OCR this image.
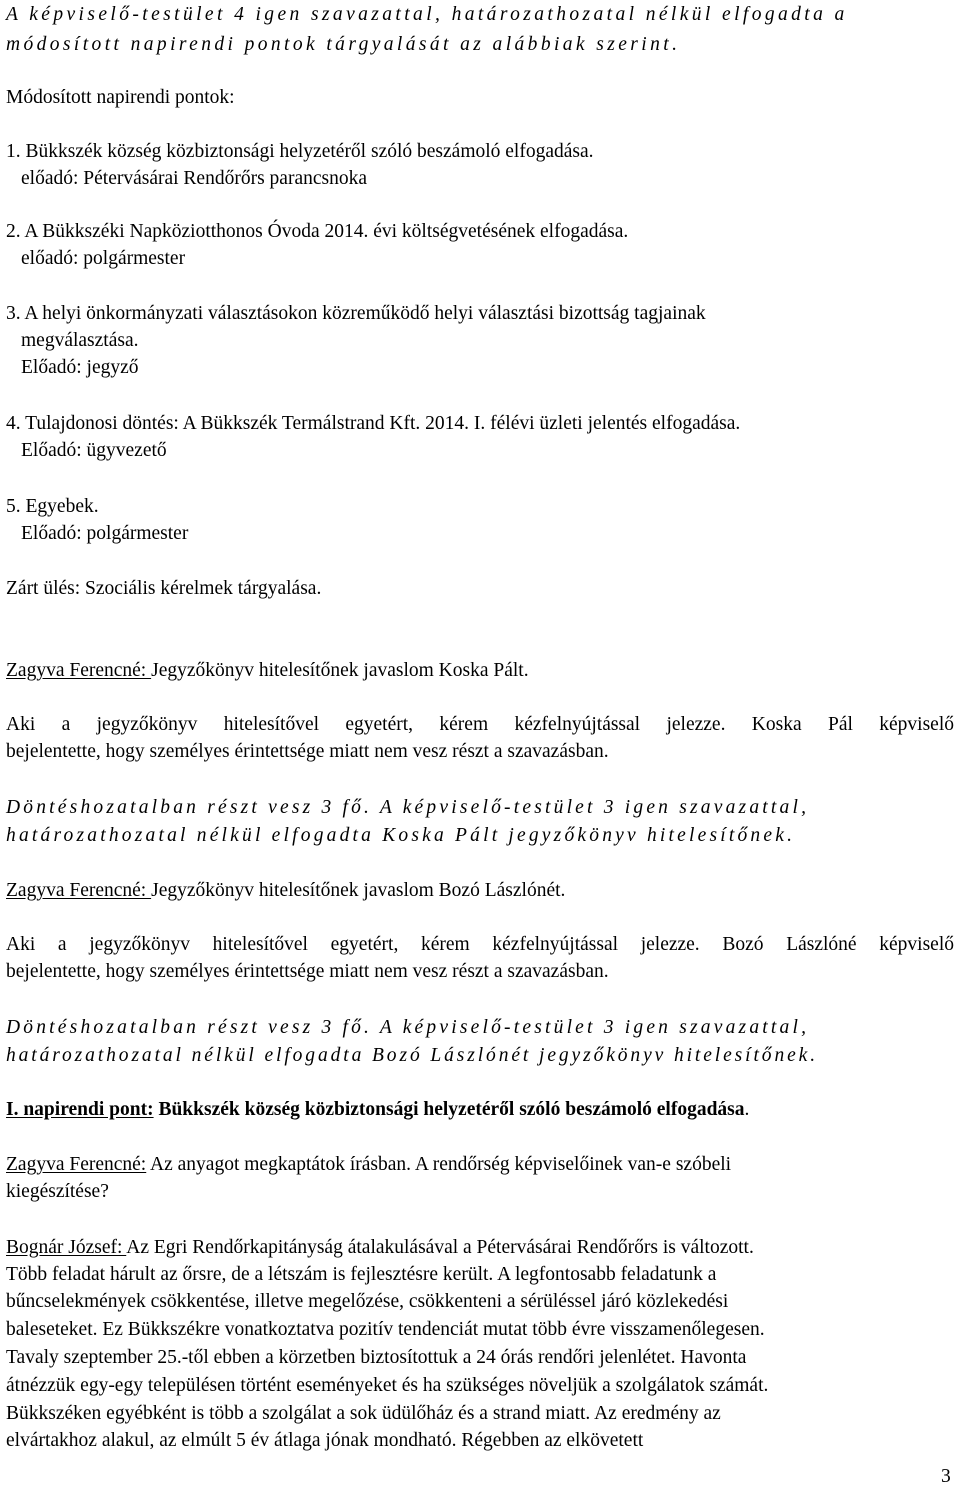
A képviselő-testület 4 igen szavazattal, határozathozatal nélkül elfogadta a
módosított napirendi pontok tárgyalását az alábbiak szerint.
Módosított napirendi pontok:
1. Bükkszék község közbiztonsági helyzetéről szóló beszámoló elfogadása.
előadó: Pétervásárai Rendőrőrs parancsnoka
2. A Bükkszéki Napköziotthonos Óvoda 2014. évi költségvetésének elfogadása.
előadó: polgármester
3. A helyi önkormányzati választásokon közreműködő helyi választási bizottság tagjainak
megválasztása.
Előadó: jegyző
4. Tulajdonosi döntés: A Bükkszék Termálstrand Kft. 2014. I. félévi üzleti jelentés elfogadása.
Előadó: ügyvezető
5. Egyebek.
Előadó: polgármester
Zárt ülés: Szociális kérelmek tárgyalása.
Zagyva Ferencné: Jegyzőkönyv hitelesítőnek javaslom Koska Pált.
Aki a jegyzőkönyv hitelesítővel egyetért, kérem kézfelnyújtással jelezze. Koska Pál képviselő
bejelentette, hogy személyes érintettsége miatt nem vesz részt a szavazásban.
Döntéshozatalban részt vesz 3 fő. A képviselő-testület 3 igen szavazattal,
határozathozatal nélkül elfogadta Koska Pált jegyzőkönyv hitelesítőnek.
Zagyva Ferencné: Jegyzőkönyv hitelesítőnek javaslom Bozó Lászlónét.
Aki a jegyzőkönyv hitelesítővel egyetért, kérem kézfelnyújtással jelezze. Bozó Lászlóné képviselő
bejelentette, hogy személyes érintettsége miatt nem vesz részt a szavazásban.
Döntéshozatalban részt vesz 3 fő. A képviselő-testület 3 igen szavazattal,
határozathozatal nélkül elfogadta Bozó Lászlónét jegyzőkönyv hitelesítőnek.
I. napirendi pont: Bükkszék község közbiztonsági helyzetéről szóló beszámoló elfogadása.
Zagyva Ferencné: Az anyagot megkaptátok írásban. A rendőrség képviselőinek van-e szóbeli
kiegészítése?
Bognár József: Az Egri Rendőrkapitányság átalakulásával a Pétervásárai Rendőrőrs is változott.
Több feladat hárult az őrsre, de a létszám is fejlesztésre került. A legfontosabb feladatunk a
bűncselekmények csökkentése, illetve megelőzése, csökkenteni a sérüléssel járó közlekedési
baleseteket. Ez Bükkszékre vonatkoztatva pozitív tendenciát mutat több évre visszamenőlegesen.
Tavaly szeptember 25.-től ebben a körzetben biztosítottuk a 24 órás rendőri jelenlétet. Havonta
átnézzük egy-egy településen történt eseményeket és ha szükséges növeljük a szolgálatok számát.
Bükkszéken egyébként is több a szolgálat a sok üdülőház és a strand miatt. Az eredmény az
elvártakhoz alakul, az elmúlt 5 év átlaga jónak mondható. Régebben az elkövetett
3
